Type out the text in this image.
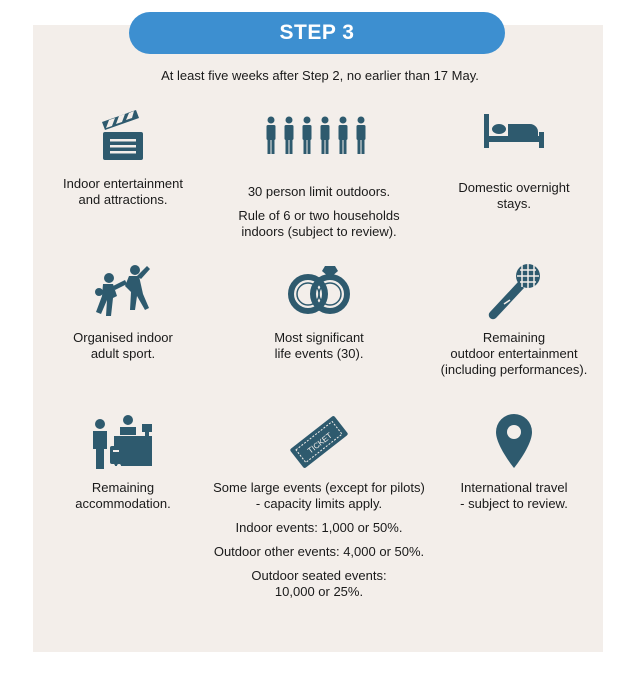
STEP 3
At least five weeks after Step 2, no earlier than 17 May.

Indoor entertainment
and attractions.

30 person limit outdoors.

Rule of 6 or two households
indoors (subject to review).

Domestic overnight
stays.

Organised indoor
adult sport.

Most significant
life events (30).

Remaining
outdoor entertainment
(including performances).

Remaining
accommodation.

TICKET

Some large events (except for pilots)
- capacity limits apply.

Indoor events: 1,000 or 50%.

Outdoor other events: 4,000 or 50%.

Outdoor seated events:
10,000 or 25%.

International travel
- subject to review.
